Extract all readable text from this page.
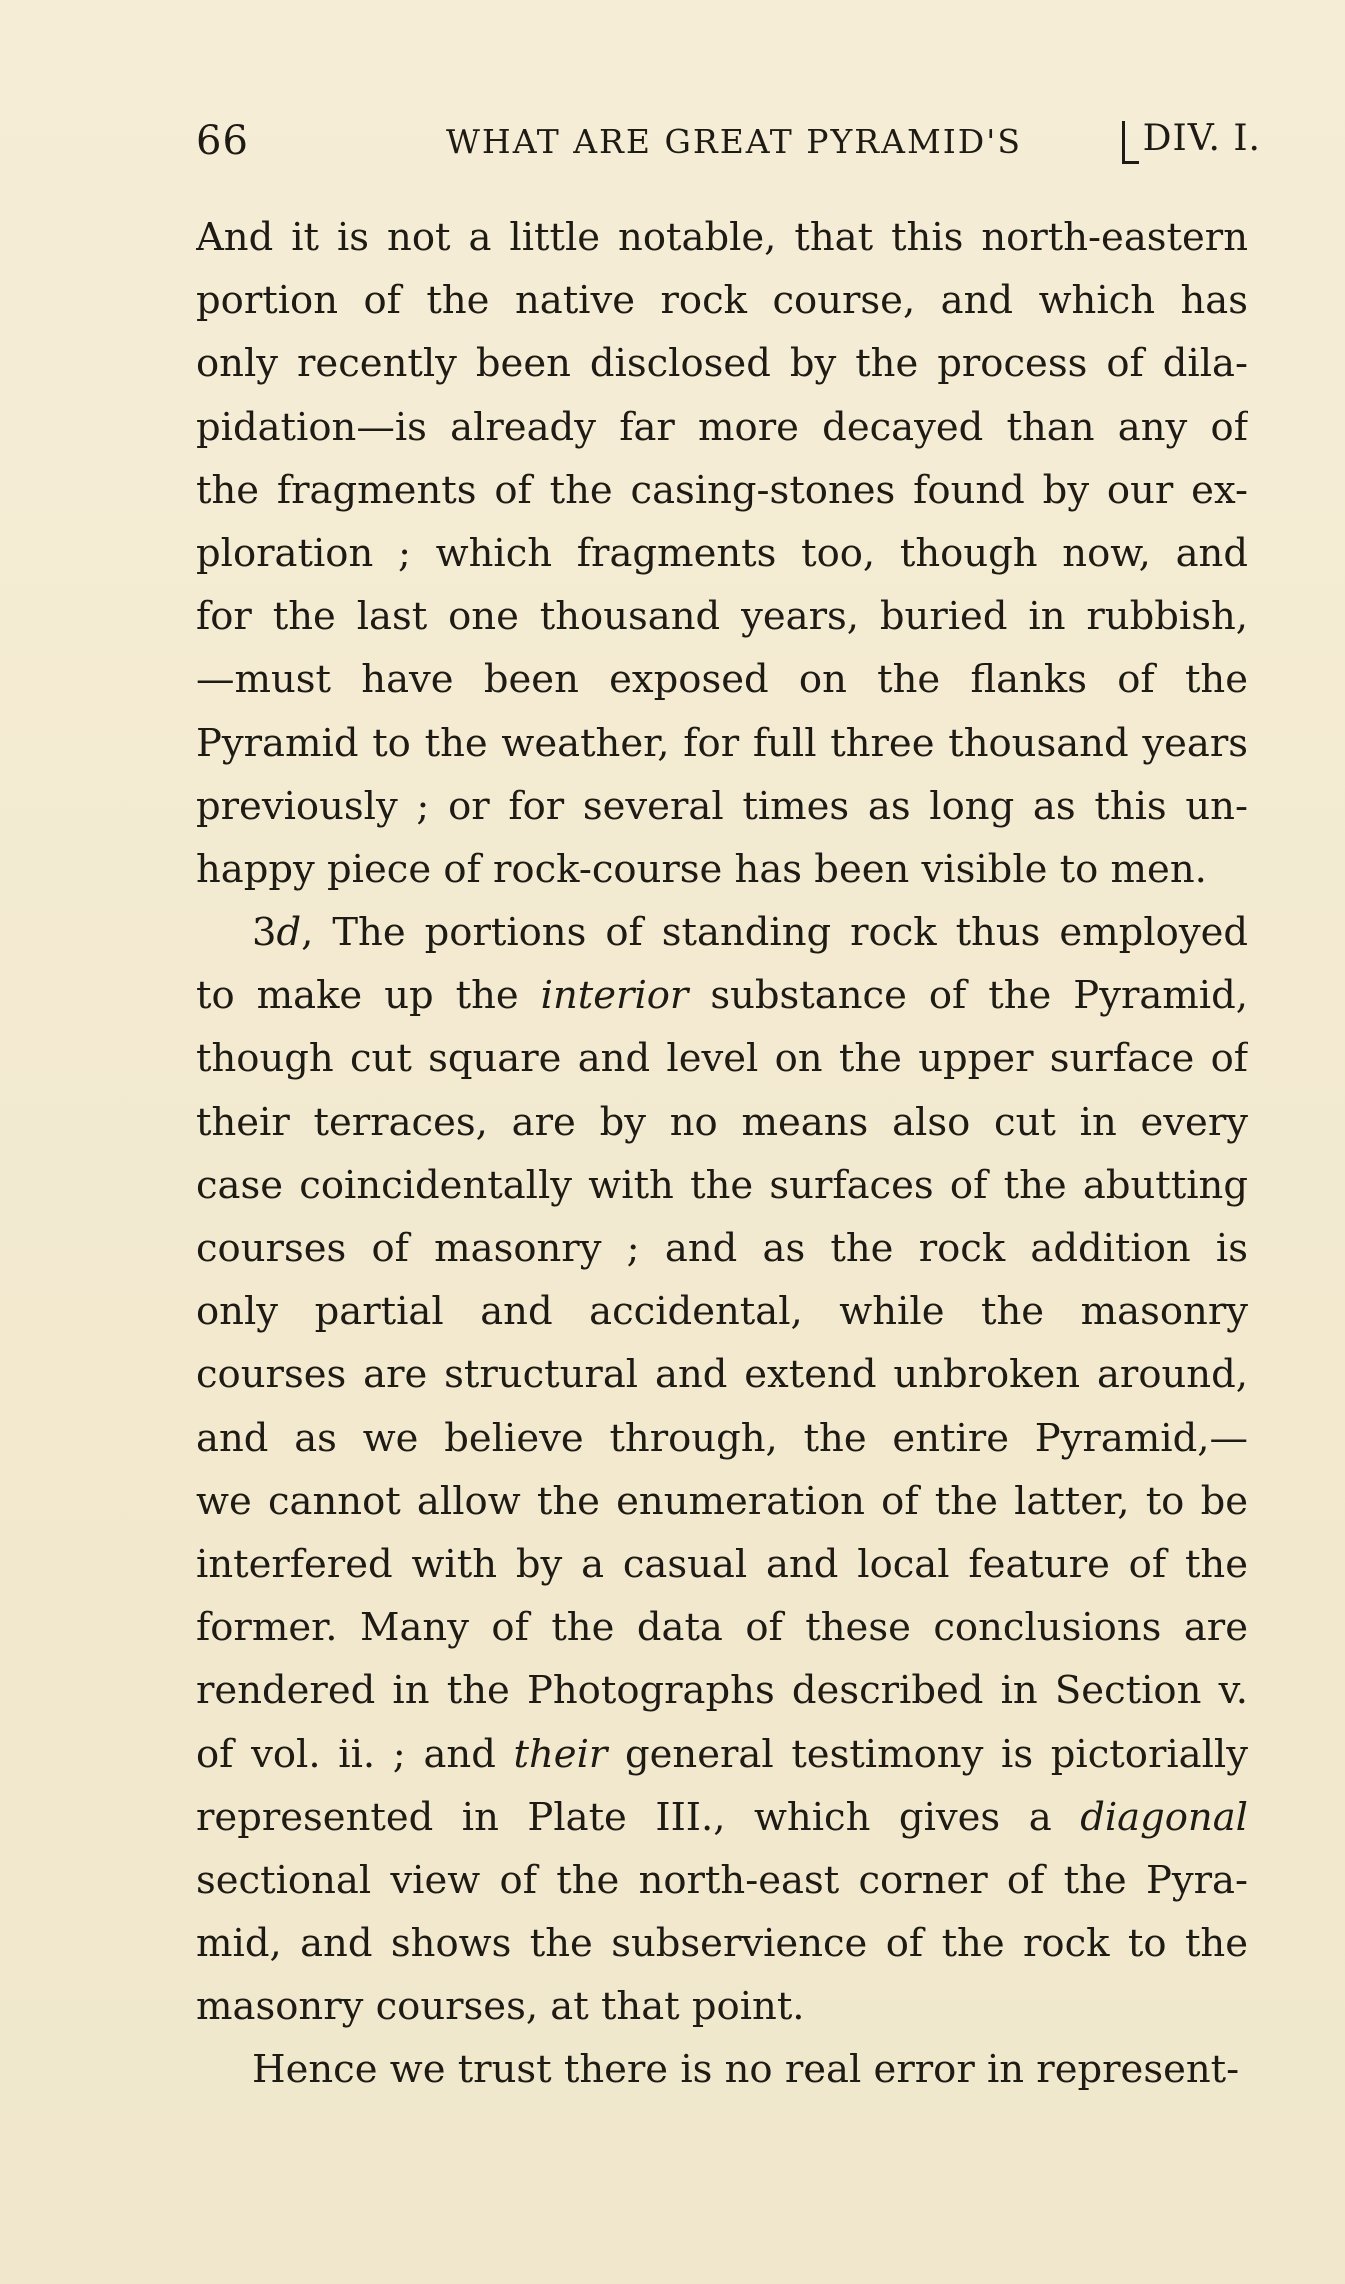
66	WHAT ARE GREAT PYRAMID'S	DIV. I.
And it is not a little notable, that this north-eastern
portion of the native rock course, and which has
only recently been disclosed by the process of dila-
pidation—is already far more decayed than any of
the fragments of the casing-stones found by our ex-
ploration ; which fragments too, though now, and
for the last one thousand years, buried in rubbish,
—must have been exposed on the flanks of the
Pyramid to the weather, for full three thousand years
previously ; or for several times as long as this un-
happy piece of rock-course has been visible to men.
3d, The portions of standing rock thus employed
to make up the interior substance of the Pyramid,
though cut square and level on the upper surface of
their terraces, are by no means also cut in every
case coincidentally with the surfaces of the abutting
courses of masonry ; and as the rock addition is
only partial and accidental, while the masonry
courses are structural and extend unbroken around,
and as we believe through, the entire Pyramid,—
we cannot allow the enumeration of the latter, to be
interfered with by a casual and local feature of the
former. Many of the data of these conclusions are
rendered in the Photographs described in Section v.
of vol. ii. ; and their general testimony is pictorially
represented in Plate III., which gives a diagonal
sectional view of the north-east corner of the Pyra-
mid, and shows the subservience of the rock to the
masonry courses, at that point.
Hence we trust there is no real error in represent-
